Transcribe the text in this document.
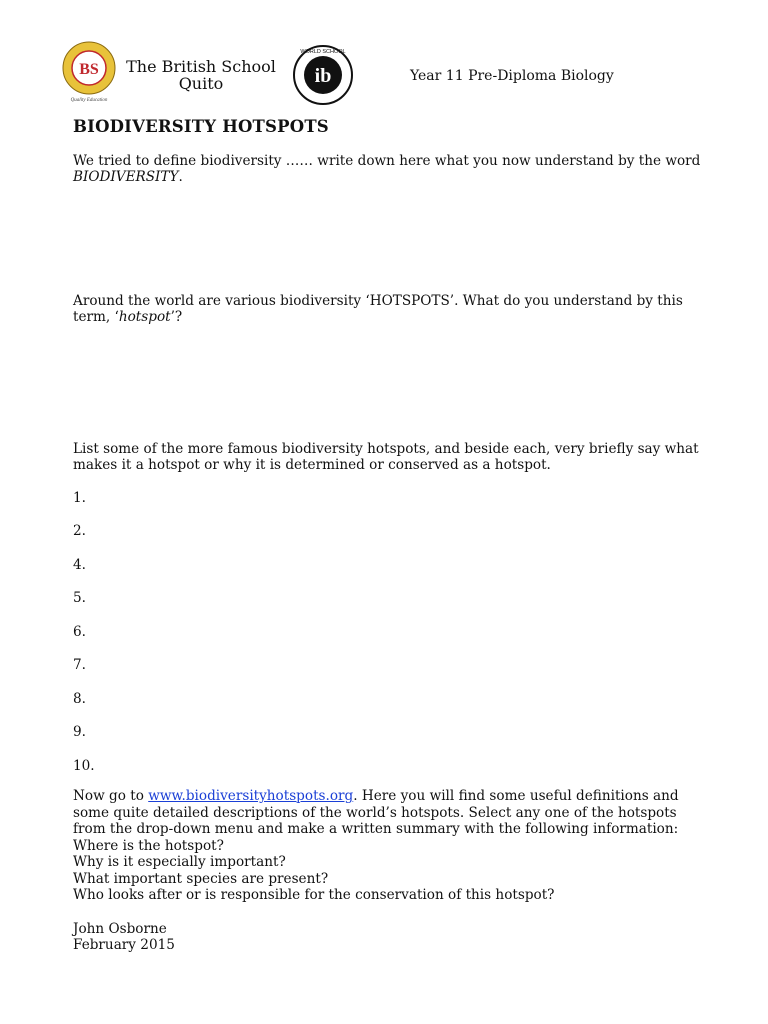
BS
Quality Education
The British School
Quito	ib
WORLD SCHOOL
Year 11 Pre-Diploma Biology
BIODIVERSITY HOTSPOTS

We tried to define biodiversity …… write down here what you now understand by the word BIODIVERSITY.

Around the world are various biodiversity ‘HOTSPOTS’. What do you understand by this term, ‘hotspot’?

List some of the more famous biodiversity hotspots, and beside each, very briefly say what makes it a hotspot or why it is determined or conserved as a hotspot.

1.
2.
4.
5.
6.
7.
8.
9.
10.

Now go to www.biodiversityhotspots.org. Here you will find some useful definitions and some quite detailed descriptions of the world’s hotspots. Select any one of the hotspots from the drop-down menu and make a written summary with the following information:

Where is the hotspot?
Why is it especially important?
What important species are present?
Who looks after or is responsible for the conservation of this hotspot?
John Osborne
February 2015
